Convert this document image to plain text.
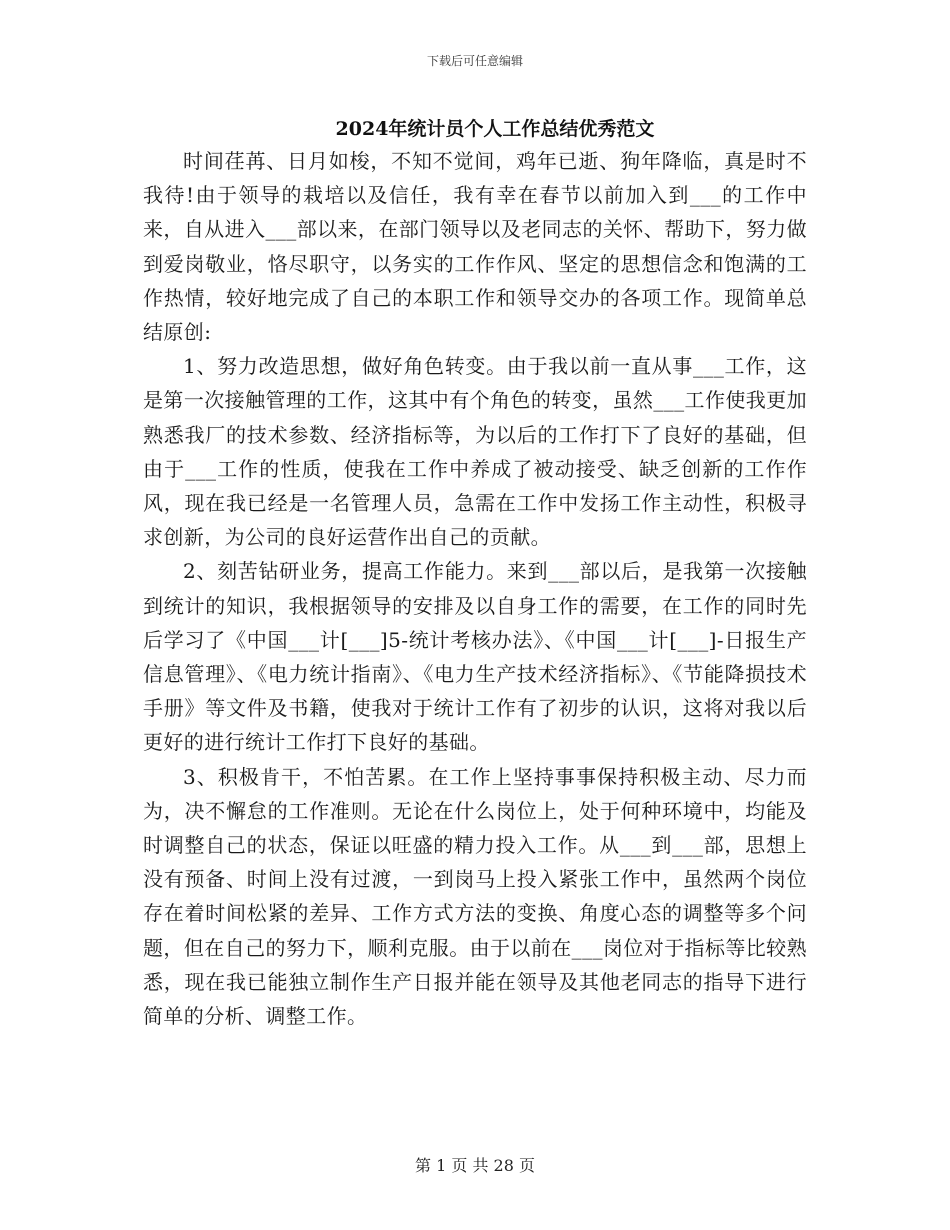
下载后可任意编辑
2024年统计员个人工作总结优秀范文

时间荏苒、日月如梭，不知不觉间，鸡年已逝、狗年降临，真是时不我待!由于领导的栽培以及信任，我有幸在春节以前加入到___的工作中来，自从进入___部以来，在部门领导以及老同志的关怀、帮助下，努力做到爱岗敬业，恪尽职守，以务实的工作作风、坚定的思想信念和饱满的工作热情，较好地完成了自己的本职工作和领导交办的各项工作。现简单总结原创:

1、努力改造思想，做好角色转变。由于我以前一直从事___工作，这是第一次接触管理的工作，这其中有个角色的转变，虽然___工作使我更加熟悉我厂的技术参数、经济指标等，为以后的工作打下了良好的基础，但由于___工作的性质，使我在工作中养成了被动接受、缺乏创新的工作作风，现在我已经是一名管理人员，急需在工作中发扬工作主动性，积极寻求创新，为公司的良好运营作出自己的贡献。

2、刻苦钻研业务，提高工作能力。来到___部以后，是我第一次接触到统计的知识，我根据领导的安排及以自身工作的需要，在工作的同时先后学习了《中国___计[___]5-统计考核办法》、《中国___计[___]-日报生产信息管理》、《电力统计指南》、《电力生产技术经济指标》、《节能降损技术手册》等文件及书籍，使我对于统计工作有了初步的认识，这将对我以后更好的进行统计工作打下良好的基础。

3、积极肯干，不怕苦累。在工作上坚持事事保持积极主动、尽力而为，决不懈怠的工作准则。无论在什么岗位上，处于何种环境中，均能及时调整自己的状态，保证以旺盛的精力投入工作。从___到___部，思想上没有预备、时间上没有过渡，一到岗马上投入紧张工作中，虽然两个岗位存在着时间松紧的差异、工作方式方法的变换、角度心态的调整等多个问题，但在自己的努力下，顺利克服。由于以前在___岗位对于指标等比较熟悉，现在我已能独立制作生产日报并能在领导及其他老同志的指导下进行简单的分析、调整工作。

第 1 页 共 28 页
